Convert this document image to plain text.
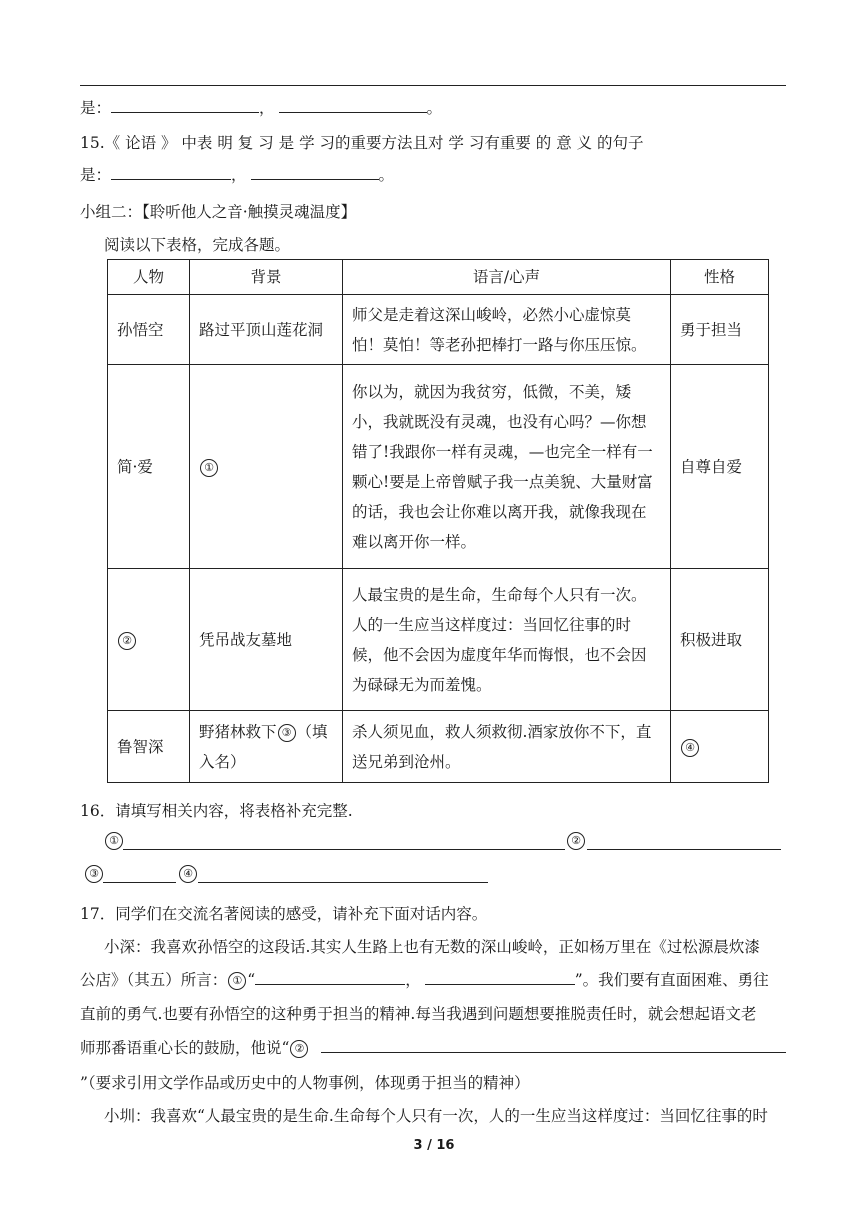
是：	，	。
15.《 论语 》 中表 明 复 习 是 学 习的重要方法且对 学 习有重要 的 意 义 的句子
是：	，	。
小组二：【聆听他人之音·触摸灵魂温度】
阅读以下表格，完成各题。
人物	背景	语言/心声	性格
孙悟空	路过平顶山莲花洞	师父是走着这深山峻岭，必然小心虚惊莫怕！莫怕！等老孙把棒打一路与你压压惊。	勇于担当
简·爱	①	你以为，就因为我贫穷，低微，不美，矮小，我就既没有灵魂，也没有心吗？—你想错了!我跟你一样有灵魂，—也完全一样有一颗心!要是上帝曾赋子我一点美貌、大量财富的话，我也会让你难以离开我，就像我现在难以离开你一样。	自尊自爱
②	凭吊战友墓地	人最宝贵的是生命，生命每个人只有一次。人的一生应当这样度过：当回忆往事的时候，他不会因为虚度年华而悔恨，也不会因为碌碌无为而羞愧。	积极进取
鲁智深	野猪林救下 ③ （填入名）	杀人须见血，救人须救彻.酒家放你不下，直送兄弟到沧州。	④
16．请填写相关内容，将表格补充完整.
①	②
③	④
17．同学们在交流名著阅读的感受，请补充下面对话内容。
小深：我喜欢孙悟空的这段话.其实人生路上也有无数的深山峻岭，正如杨万里在《过松源晨炊漆
公店》（其五）所言： ① “	，	”。我们要有直面困难、勇往
直前的勇气.也要有孙悟空的这种勇于担当的精神.每当我遇到问题想要推脱责任时，就会想起语文老
师那番语重心长的鼓励，他说“ ②
”（要求引用文学作品或历史中的人物事例，体现勇于担当的精神）
小圳：我喜欢“人最宝贵的是生命.生命每个人只有一次，人的一生应当这样度过：当回忆往事的时
3 / 16
